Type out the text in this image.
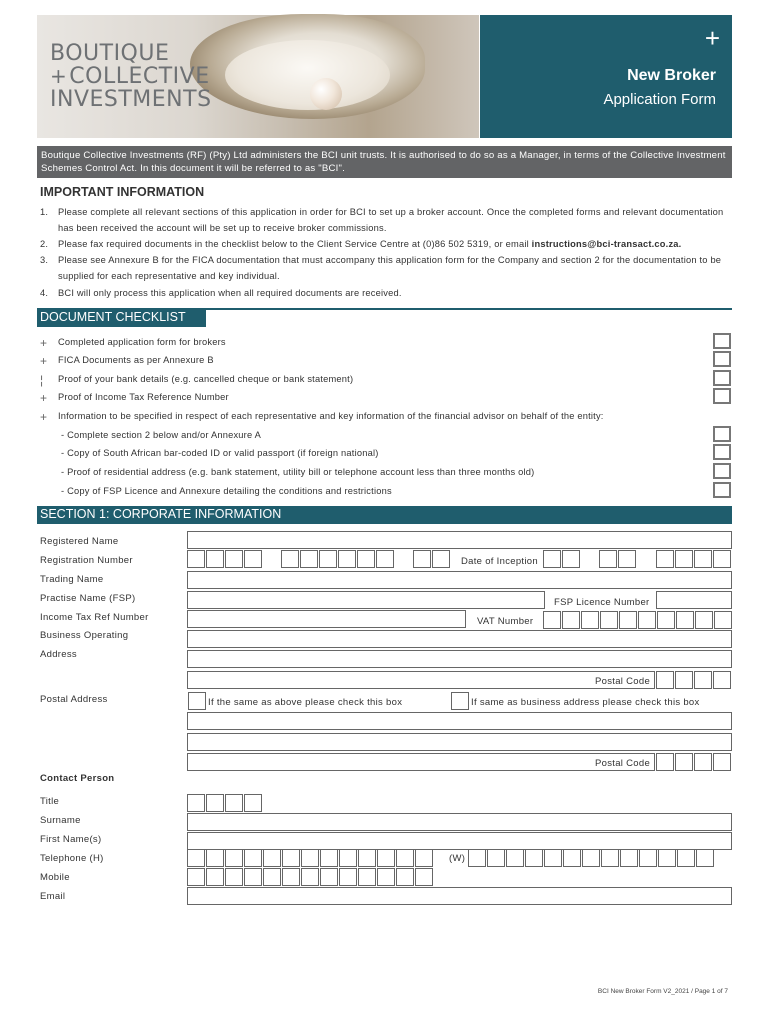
BOUTIQUE
+ COLLECTIVE
INVESTMENTS
+
New Broker
Application Form
Boutique Collective Investments (RF) (Pty) Ltd administers the BCI unit trusts. It is authorised to do so as a Manager, in terms of the Collective Investment Schemes Control Act. In this document it will be referred to as "BCI".
IMPORTANT INFORMATION
1. Please complete all relevant sections of this application in order for BCI to set up a broker account. Once the completed forms and relevant documentation has been received the account will be set up to receive broker commissions.
2. Please fax required documents in the checklist below to the Client Service Centre at (0)86 502 5319, or email instructions@bci-transact.co.za.
3. Please see Annexure B for the FICA documentation that must accompany this application form for the Company and section 2 for the documentation to be supplied for each representative and key individual.
4. BCI will only process this application when all required documents are received.
DOCUMENT CHECKLIST
+ Completed application form for brokers
+ FICA Documents as per Annexure B
¦ Proof of your bank details (e.g. cancelled cheque or bank statement)
+ Proof of Income Tax Reference Number
+ Information to be specified in respect of each representative and key information of the financial advisor on behalf of the entity:
- Complete section 2 below and/or Annexure A
- Copy of South African bar-coded ID or valid passport (if foreign national)
- Proof of residential address (e.g. bank statement, utility bill or telephone account less than three months old)
- Copy of FSP Licence and Annexure detailing the conditions and restrictions
SECTION 1: CORPORATE INFORMATION
Registered Name
Registration Number	Date of Inception
Trading Name
Practise Name (FSP)	FSP Licence Number
Income Tax Ref Number	VAT Number
Business Operating
Address
Postal Code
Postal Address	If the same as above please check this box	If same as business address please check this box
Postal Code
Contact Person
Title
Surname
First Name(s)
Telephone (H)	(W)
Mobile
Email
BCI New Broker Form V2_2021 / Page 1 of 7
